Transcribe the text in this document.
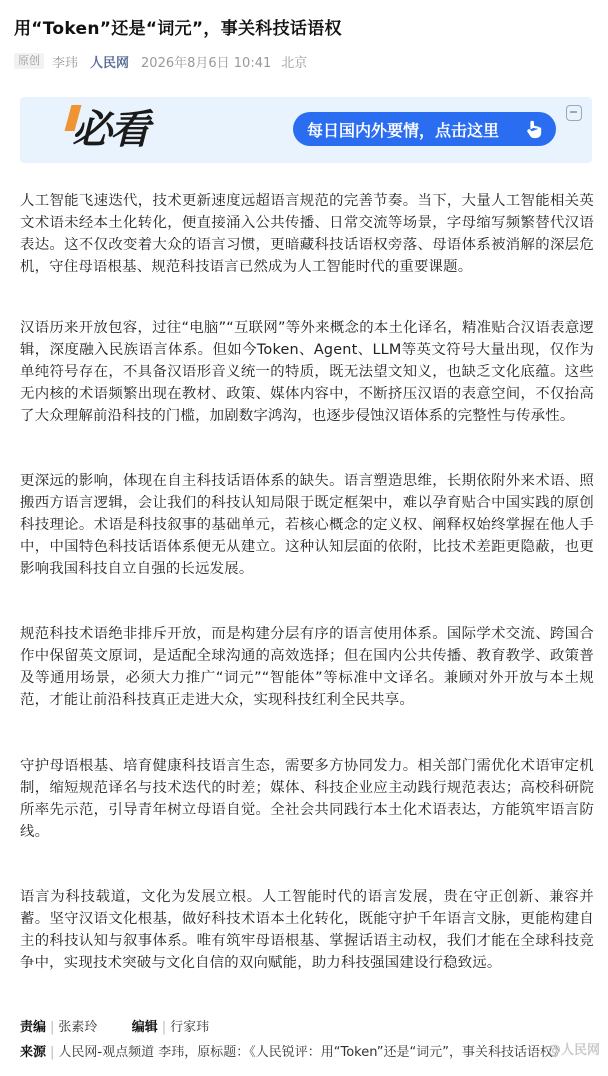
用“Token”还是“词元”，事关科技话语权
原创 李玮 人民网 2026年8月6日 10:41 北京
必看	每日国内外要情，点击这里

人工智能飞速迭代，技术更新速度远超语言规范的完善节奏。当下，大量人工智能相关英文术语未经本土化转化，便直接涌入公共传播、日常交流等场景，字母缩写频繁替代汉语表达。这不仅改变着大众的语言习惯，更暗藏科技话语权旁落、母语体系被消解的深层危机，守住母语根基、规范科技语言已然成为人工智能时代的重要课题。

汉语历来开放包容，过往“电脑”“互联网”等外来概念的本土化译名，精准贴合汉语表意逻辑，深度融入民族语言体系。但如今Token、Agent、LLM等英文符号大量出现，仅作为单纯符号存在，不具备汉语形音义统一的特质，既无法望文知义，也缺乏文化底蕴。这些无内核的术语频繁出现在教材、政策、媒体内容中，不断挤压汉语的表意空间，不仅抬高了大众理解前沿科技的门槛，加剧数字鸿沟，也逐步侵蚀汉语体系的完整性与传承性。

更深远的影响，体现在自主科技话语体系的缺失。语言塑造思维，长期依附外来术语、照搬西方语言逻辑，会让我们的科技认知局限于既定框架中，难以孕育贴合中国实践的原创科技理论。术语是科技叙事的基础单元，若核心概念的定义权、阐释权始终掌握在他人手中，中国特色科技话语体系便无从建立。这种认知层面的依附，比技术差距更隐蔽，也更影响我国科技自立自强的长远发展。

规范科技术语绝非排斥开放，而是构建分层有序的语言使用体系。国际学术交流、跨国合作中保留英文原词，是适配全球沟通的高效选择；但在国内公共传播、教育教学、政策普及等通用场景，必须大力推广“词元”“智能体”等标准中文译名。兼顾对外开放与本土规范，才能让前沿科技真正走进大众，实现科技红利全民共享。

守护母语根基、培育健康科技语言生态，需要多方协同发力。相关部门需优化术语审定机制，缩短规范译名与技术迭代的时差；媒体、科技企业应主动践行规范表达；高校科研院所率先示范，引导青年树立母语自觉。全社会共同践行本土化术语表达，方能筑牢语言防线。

语言为科技载道，文化为发展立根。人工智能时代的语言发展，贵在守正创新、兼容并蓄。坚守汉语文化根基，做好科技术语本土化转化，既能守护千年语言文脉，更能构建自主的科技认知与叙事体系。唯有筑牢母语根基、掌握话语主动权，我们才能在全球科技竞争中，实现技术突破与文化自信的双向赋能，助力科技强国建设行稳致远。

责编 | 张素玲	编辑 | 行家玮
来源 | 人民网-观点频道 李玮，原标题：《人民锐评：用“Token”还是“词元”，事关科技话语权》
@人民网
